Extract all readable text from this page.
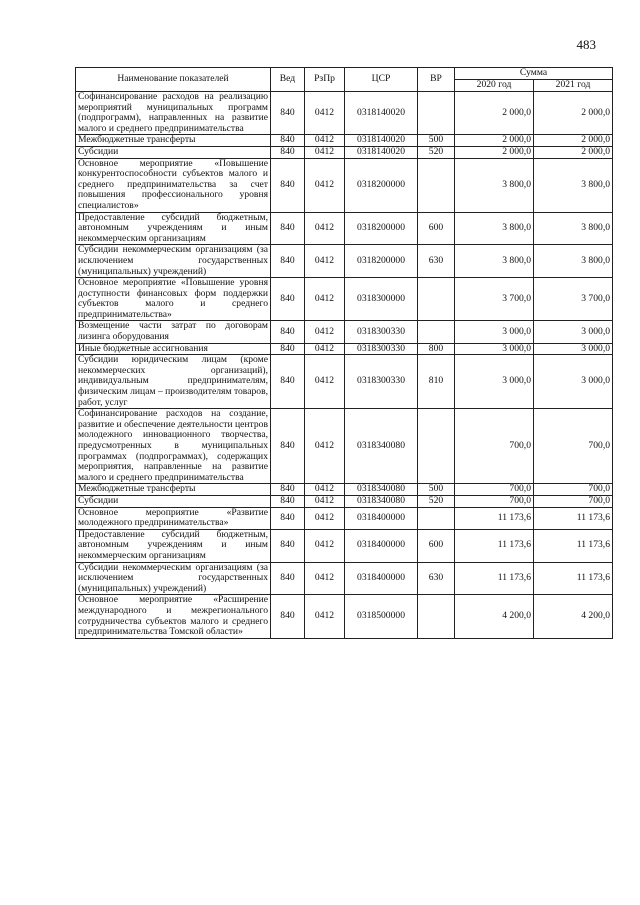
483
Наименование показателей	Вед	РзПр	ЦСР	ВР	Сумма	
					2020 год	2021 год
Софинансирование расходов на реализацию мероприятий муниципальных программ (подпрограмм), направленных на развитие малого и среднего предпринимательства	840	0412	0318140020		2 000,0	2 000,0
Межбюджетные трансферты	840	0412	0318140020	500	2 000,0	2 000,0
Субсидии	840	0412	0318140020	520	2 000,0	2 000,0
Основное мероприятие «Повышение конкурентоспособности субъектов малого и среднего предпринимательства за счет повышения профессионального уровня специалистов»	840	0412	0318200000		3 800,0	3 800,0
Предоставление субсидий бюджетным, автономным учреждениям и иным некоммерческим организациям	840	0412	0318200000	600	3 800,0	3 800,0
Субсидии некоммерческим организациям (за исключением государственных (муниципальных) учреждений)	840	0412	0318200000	630	3 800,0	3 800,0
Основное мероприятие «Повышение уровня доступности финансовых форм поддержки субъектов малого и среднего предпринимательства»	840	0412	0318300000		3 700,0	3 700,0
Возмещение части затрат по договорам лизинга оборудования	840	0412	0318300330		3 000,0	3 000,0
Иные бюджетные ассигнования	840	0412	0318300330	800	3 000,0	3 000,0
Субсидии юридическим лицам (кроме некоммерческих организаций), индивидуальным предпринимателям, физическим лицам – производителям товаров, работ, услуг	840	0412	0318300330	810	3 000,0	3 000,0
Софинансирование расходов на создание, развитие и обеспечение деятельности центров молодежного инновационного творчества, предусмотренных в муниципальных программах (подпрограммах), содержащих мероприятия, направленные на развитие малого и среднего предпринимательства	840	0412	0318340080		700,0	700,0
Межбюджетные трансферты	840	0412	0318340080	500	700,0	700,0
Субсидии	840	0412	0318340080	520	700,0	700,0
Основное мероприятие «Развитие молодежного предпринимательства»	840	0412	0318400000		11 173,6	11 173,6
Предоставление субсидий бюджетным, автономным учреждениям и иным некоммерческим организациям	840	0412	0318400000	600	11 173,6	11 173,6
Субсидии некоммерческим организациям (за исключением государственных (муниципальных) учреждений)	840	0412	0318400000	630	11 173,6	11 173,6
Основное мероприятие «Расширение международного и межрегионального сотрудничества субъектов малого и среднего предпринимательства Томской области»	840	0412	0318500000		4 200,0	4 200,0
